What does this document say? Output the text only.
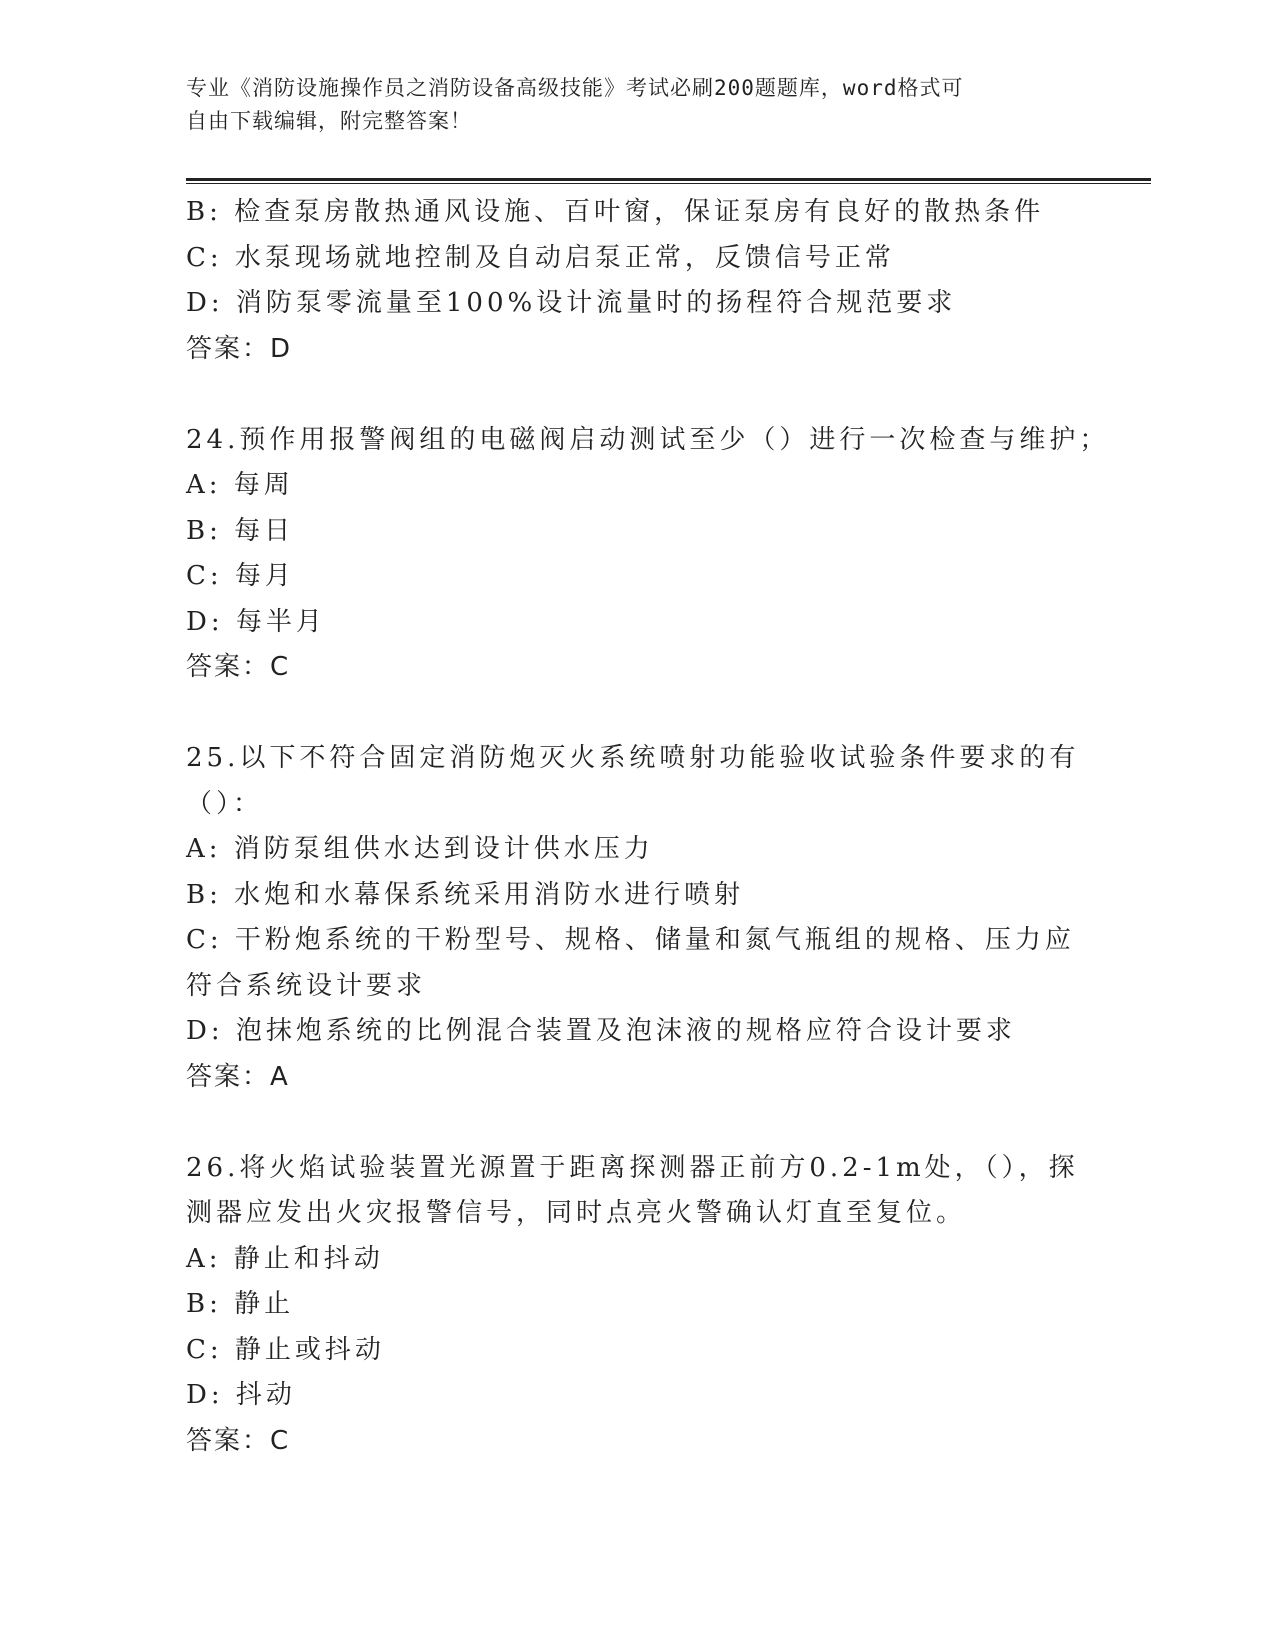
专业《消防设施操作员之消防设备高级技能》考试必刷200题题库，word格式可
自由下载编辑，附完整答案！
B: 检查泵房散热通风设施、百叶窗，保证泵房有良好的散热条件
C: 水泵现场就地控制及自动启泵正常，反馈信号正常
D: 消防泵零流量至100%设计流量时的扬程符合规范要求
答案：D
24.预作用报警阀组的电磁阀启动测试至少（）进行一次检查与维护；
A: 每周
B: 每日
C: 每月
D: 每半月
答案：C
25.以下不符合固定消防炮灭火系统喷射功能验收试验条件要求的有（）：
A: 消防泵组供水达到设计供水压力
B: 水炮和水幕保系统采用消防水进行喷射
C: 干粉炮系统的干粉型号、规格、储量和氮气瓶组的规格、压力应符合系统设计要求
D: 泡抹炮系统的比例混合装置及泡沫液的规格应符合设计要求
答案：A
26.将火焰试验装置光源置于距离探测器正前方0.2-1m处，（），探测器应发出火灾报警信号，同时点亮火警确认灯直至复位。
A: 静止和抖动
B: 静止
C: 静止或抖动
D: 抖动
答案：C
